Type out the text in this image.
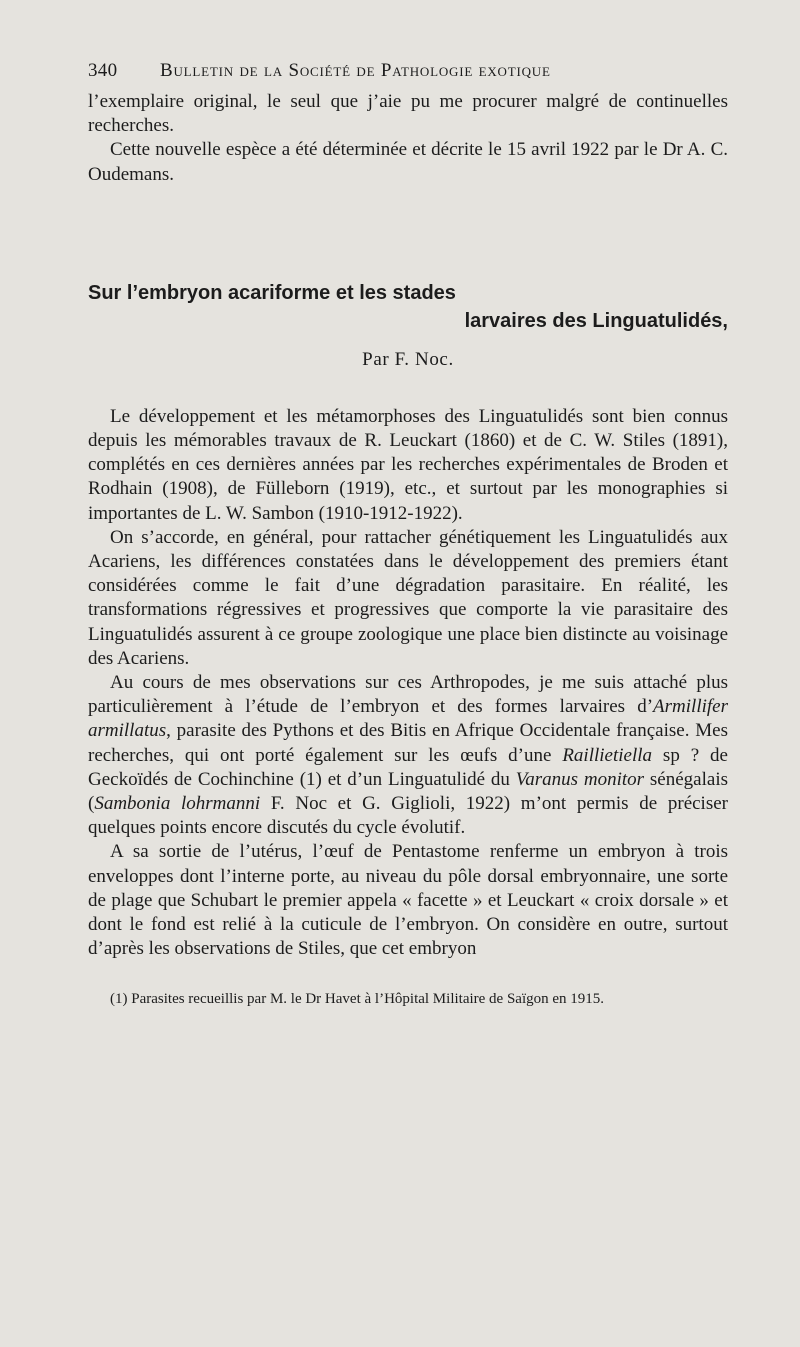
340	Bulletin de la Société de Pathologie exotique

l’exemplaire original, le seul que j’aie pu me procurer malgré de continuelles recherches.

Cette nouvelle espèce a été déterminée et décrite le 15 avril 1922 par le Dr A. C. Oudemans.

Sur l’embryon acariforme et les stades
larvaires des Linguatulidés,
Par F. Noc.

Le développement et les métamorphoses des Linguatulidés sont bien connus depuis les mémorables travaux de R. Leuckart (1860) et de C. W. Stiles (1891), complétés en ces dernières années par les recherches expérimentales de Broden et Rodhain (1908), de Fülleborn (1919), etc., et surtout par les monographies si importantes de L. W. Sambon (1910-1912-1922).

On s’accorde, en général, pour rattacher génétiquement les Linguatulidés aux Acariens, les différences constatées dans le développement des premiers étant considérées comme le fait d’une dégradation parasitaire. En réalité, les transformations régressives et progressives que comporte la vie parasitaire des Linguatulidés assurent à ce groupe zoologique une place bien distincte au voisinage des Acariens.

Au cours de mes observations sur ces Arthropodes, je me suis attaché plus particulièrement à l’étude de l’embryon et des formes larvaires d’Armillifer armillatus, parasite des Pythons et des Bitis en Afrique Occidentale française. Mes recherches, qui ont porté également sur les œufs d’une Raillietiella sp ? de Geckoïdés de Cochinchine (1) et d’un Linguatulidé du Varanus monitor sénégalais (Sambonia lohrmanni F. Noc et G. Giglioli, 1922) m’ont permis de préciser quelques points encore discutés du cycle évolutif.

A sa sortie de l’utérus, l’œuf de Pentastome renferme un embryon à trois enveloppes dont l’interne porte, au niveau du pôle dorsal embryonnaire, une sorte de plage que Schubart le premier appela « facette » et Leuckart « croix dorsale » et dont le fond est relié à la cuticule de l’embryon. On considère en outre, surtout d’après les observations de Stiles, que cet embryon

(1) Parasites recueillis par M. le Dr Havet à l’Hôpital Militaire de Saïgon en 1915.
